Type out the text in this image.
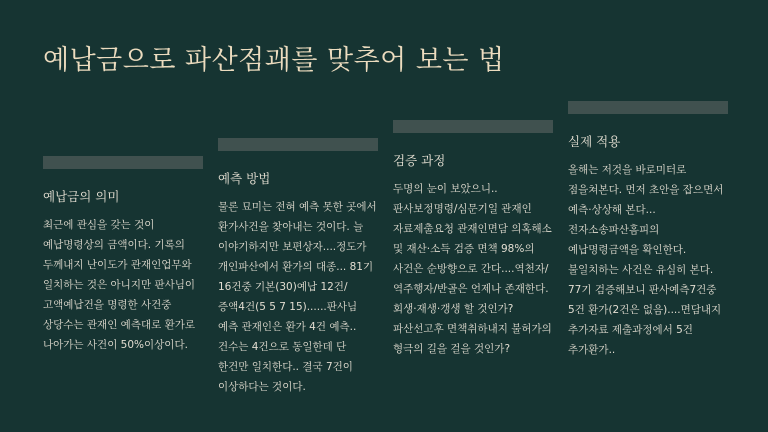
예납금으로 파산점괘를 맞추어 보는 법
예납금의 의미
최근에 관심을 갖는 것이 예납명령상의 금액이다. 기록의 두께내지 난이도가 관재인업무와 일치하는 것은 아니지만 판사님이 고액예납건을 명령한 사건중 상당수는 관재인 예측대로 환가로 나아가는 사건이 50%이상이다.
예측 방법
물론 묘미는 전혀 예측 못한 곳에서 환가사건을 찾아내는 것이다. 늘 이야기하지만 보편상자....정도가 개인파산에서 환가의 대종... 81기 16건중 기본(30)예납 12건/증액4건(5 5 7 15)......판사님 예측 관재인은 환가 4건 예측.. 건수는 4건으로 동일한데 단 한건만 일치한다.. 결국 7건이 이상하다는 것이다.
검증 과정
두명의 눈이 보았으니.. 판사보정명령/심문기일 관재인 자료제출요청 관재인면담 의혹해소 및 재산·소득 검증 면책 98%의 사건은 순방향으로 간다....역천자/역주행자/반골은 언제나 존재한다. 회생·재생·갱생 할 것인가? 파산선고후 면책취하내지 불허가의 형극의 길을 걸을 것인가?
실제 적용
올해는 저것을 바로미터로 점을쳐본다. 먼저 초안을 잡으면서 예측·상상해 본다...전자소송파산홈피의 예납명령금액을 확인한다. 불일치하는 사건은 유심히 본다. 77기 검증해보니 판사예측7건중 5건 환가(2건은 없음)....면담내지 추가자료 제출과정에서 5건 추가환가..
